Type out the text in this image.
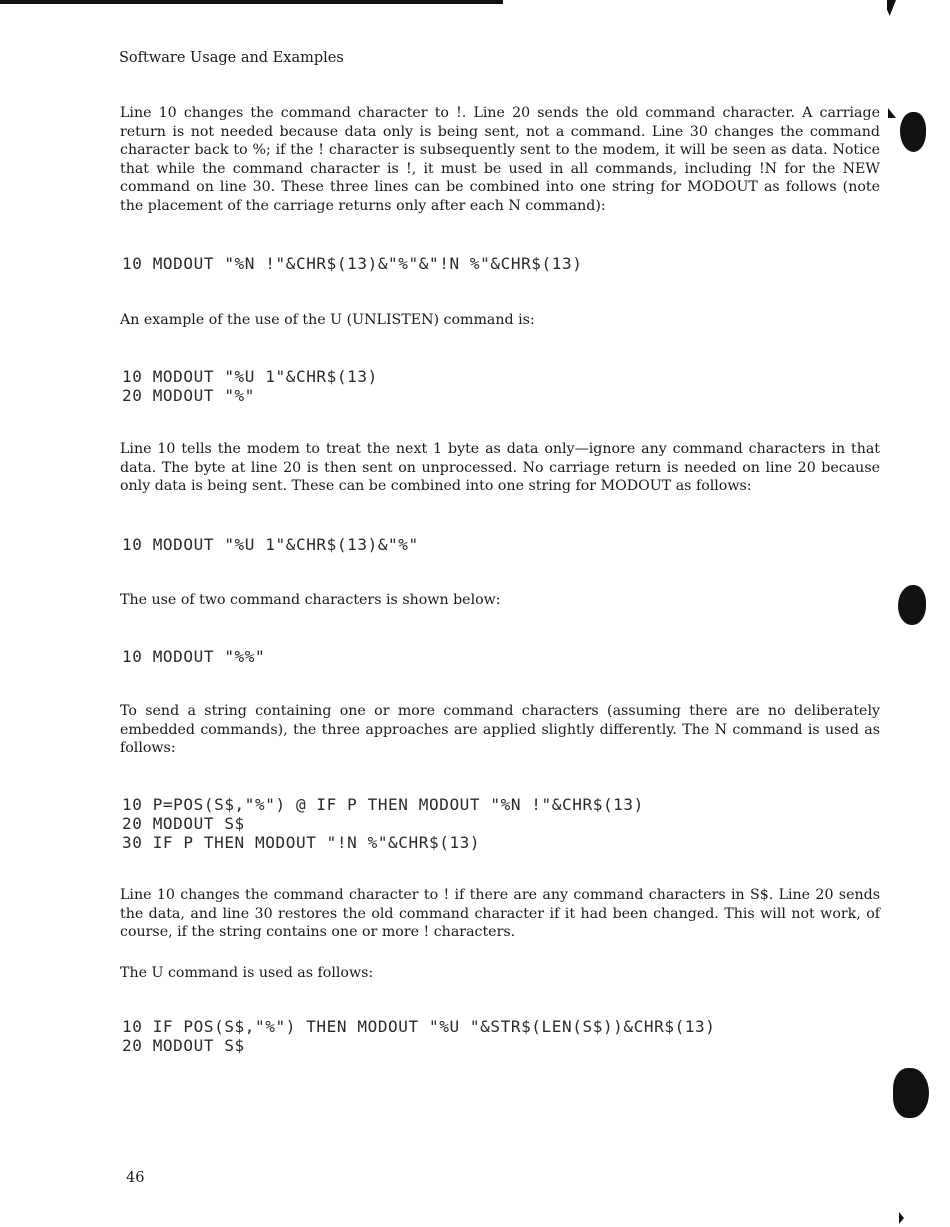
Software Usage and Examples

Line 10 changes the command character to !. Line 20 sends the old command character. A carriage return is not needed because data only is being sent, not a command. Line 30 changes the command character back to %; if the ! character is subsequently sent to the modem, it will be seen as data. Notice that while the command character is !, it must be used in all commands, including !N for the NEW command on line 30. These three lines can be combined into one string for MODOUT as follows (note the placement of the carriage returns only after each N command):

10 MODOUT "%N !"&CHR$(13)&"%"&"!N %"&CHR$(13)

An example of the use of the U (UNLISTEN) command is:

10 MODOUT "%U 1"&CHR$(13)
20 MODOUT "%"

Line 10 tells the modem to treat the next 1 byte as data only—ignore any command characters in that data. The byte at line 20 is then sent on unprocessed. No carriage return is needed on line 20 because only data is being sent. These can be combined into one string for MODOUT as follows:

10 MODOUT "%U 1"&CHR$(13)&"%"

The use of two command characters is shown below:

10 MODOUT "%%"

To send a string containing one or more command characters (assuming there are no deliberately embedded commands), the three approaches are applied slightly differently. The N command is used as follows:

10 P=POS(S$,"%") @ IF P THEN MODOUT "%N !"&CHR$(13)
20 MODOUT S$
30 IF P THEN MODOUT "!N %"&CHR$(13)

Line 10 changes the command character to ! if there are any command characters in S$. Line 20 sends the data, and line 30 restores the old command character if it had been changed. This will not work, of course, if the string contains one or more ! characters.

The U command is used as follows:

10 IF POS(S$,"%") THEN MODOUT "%U "&STR$(LEN(S$))&CHR$(13)
20 MODOUT S$
46
